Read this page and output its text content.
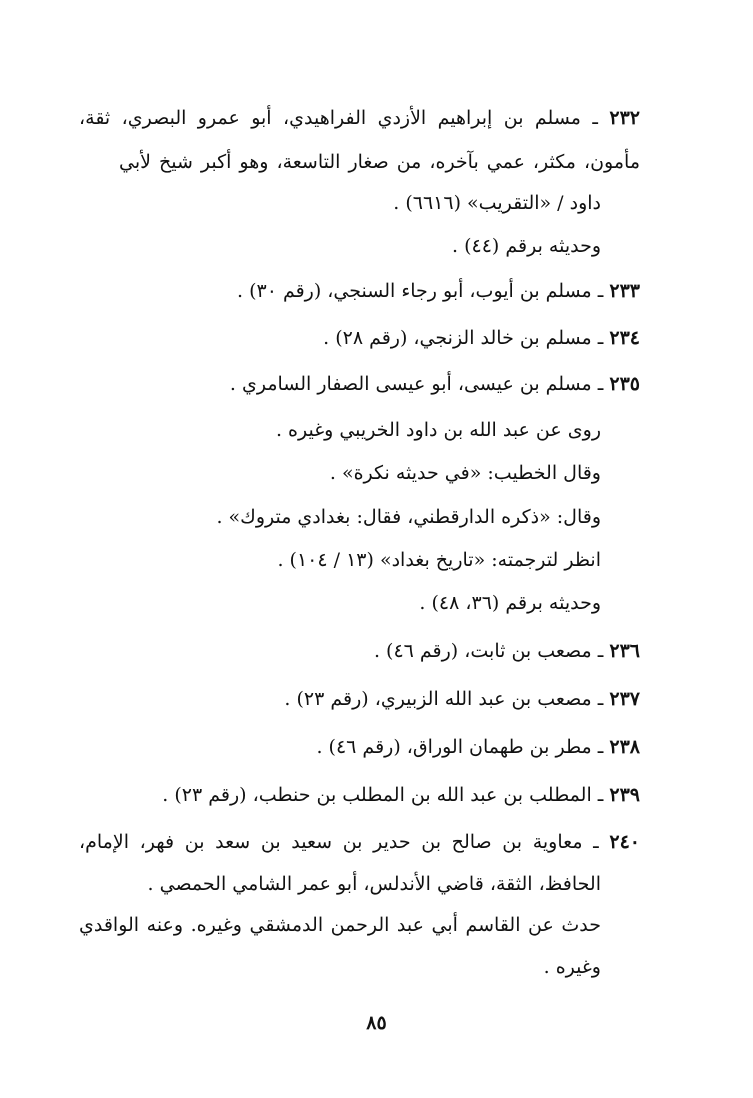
٢٣٢ ـ مسلم بن إبراهيم الأزدي الفراهيدي، أبو عمرو البصري، ثقة،

مأمون، مكثر، عمي بآخره، من صغار التاسعة، وهو أكبر شيخ لأبي

داود / «التقريب» (٦٦١٦) .

وحديثه برقم (٤٤) .

٢٣٣ ـ مسلم بن أيوب، أبو رجاء السنجي، (رقم ٣٠) .

٢٣٤ ـ مسلم بن خالد الزنجي، (رقم ٢٨) .

٢٣٥ ـ مسلم بن عيسى، أبو عيسى الصفار السامري .

روى عن عبد الله بن داود الخريبي وغيره .

وقال الخطيب: «في حديثه نكرة» .

وقال: «ذكره الدارقطني، فقال: بغدادي متروك» .

انظر لترجمته: «تاريخ بغداد» (١٣ / ١٠٤) .

وحديثه برقم (٣٦، ٤٨) .

٢٣٦ ـ مصعب بن ثابت، (رقم ٤٦) .

٢٣٧ ـ مصعب بن عبد الله الزبيري، (رقم ٢٣) .

٢٣٨ ـ مطر بن طهمان الوراق، (رقم ٤٦) .

٢٣٩ ـ المطلب بن عبد الله بن المطلب بن حنطب، (رقم ٢٣) .

٢٤٠ ـ معاوية بن صالح بن حدير بن سعيد بن سعد بن فهر، الإمام،

الحافظ، الثقة، قاضي الأندلس، أبو عمر الشامي الحمصي .

حدث عن القاسم أبي عبد الرحمن الدمشقي وغيره. وعنه الواقدي

وغيره .

٨٥
